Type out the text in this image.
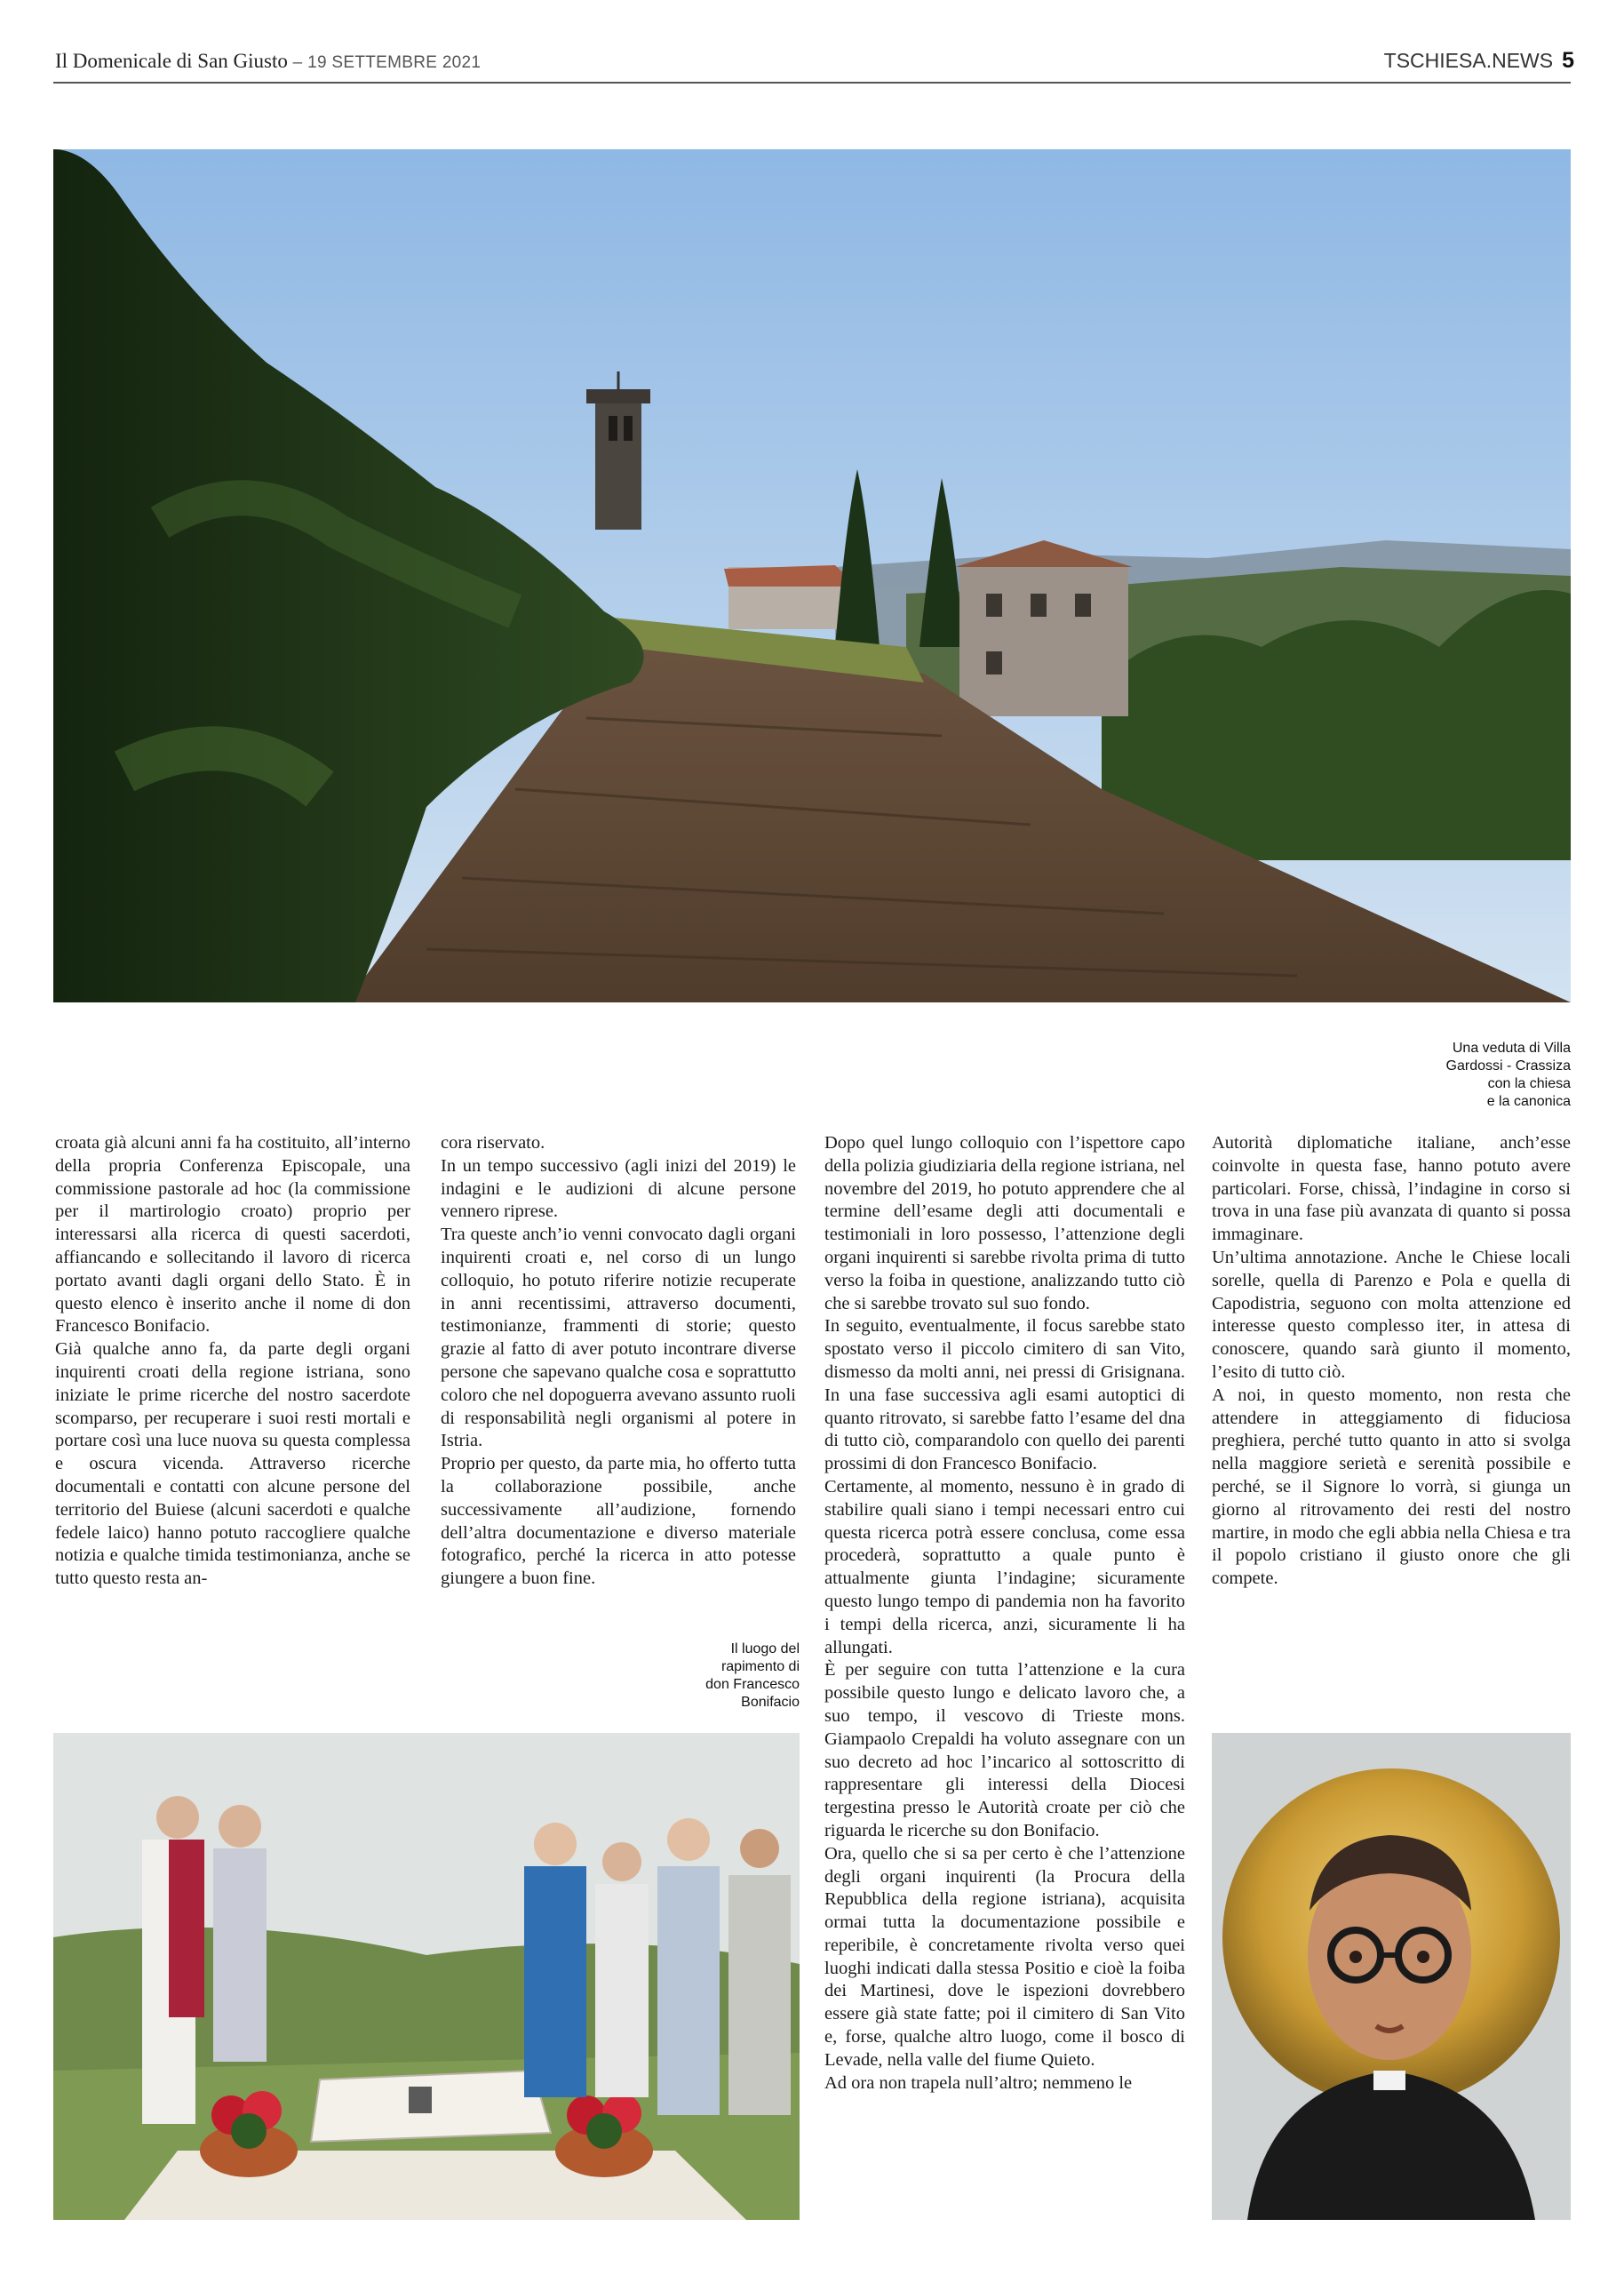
Il Domenicale di San Giusto – 19 SETTEMBRE 2021	TSCHIESA.NEWS 5
Una veduta di Villa
Gardossi - Crassiza
con la chiesa
e la canonica

croata già alcuni anni fa ha costituito, all’interno della propria Conferenza Episcopale, una commissione pastorale ad hoc (la commissione per il martirologio croato) proprio per interessarsi alla ricerca di questi sacerdoti, affiancando e sollecitando il lavoro di ricerca portato avanti dagli organi dello Stato. È in questo elenco è inserito anche il nome di don Francesco Bonifacio.

Già qualche anno fa, da parte degli organi inquirenti croati della regione istriana, sono iniziate le prime ricerche del nostro sacerdote scomparso, per recuperare i suoi resti mortali e portare così una luce nuova su questa complessa e oscura vicenda. Attraverso ricerche documentali e contatti con alcune persone del territorio del Buiese (alcuni sacerdoti e qualche fedele laico) hanno potuto raccogliere qualche notizia e qualche timida testimonianza, anche se tutto questo resta an-

cora riservato.

In un tempo successivo (agli inizi del 2019) le indagini e le audizioni di alcune persone vennero riprese.

Tra queste anch’io venni convocato dagli organi inquirenti croati e, nel corso di un lungo colloquio, ho potuto riferire notizie recuperate in anni recentissimi, attraverso documenti, testimonianze, frammenti di storie; questo grazie al fatto di aver potuto incontrare diverse persone che sapevano qualche cosa e soprattutto coloro che nel dopoguerra avevano assunto ruoli di responsabilità negli organismi al potere in Istria.

Proprio per questo, da parte mia, ho offerto tutta la collaborazione possibile, anche successivamente all’audizione, fornendo dell’altra documentazione e diverso materiale fotografico, perché la ricerca in atto potesse giungere a buon fine.

Dopo quel lungo colloquio con l’ispettore capo della polizia giudiziaria della regione istriana, nel novembre del 2019, ho potuto apprendere che al termine dell’esame degli atti documentali e testimoniali in loro possesso, l’attenzione degli organi inquirenti si sarebbe rivolta prima di tutto verso la foiba in questione, analizzando tutto ciò che si sarebbe trovato sul suo fondo.

In seguito, eventualmente, il focus sarebbe stato spostato verso il piccolo cimitero di san Vito, dismesso da molti anni, nei pressi di Grisignana. In una fase successiva agli esami autoptici di quanto ritrovato, si sarebbe fatto l’esame del dna di tutto ciò, comparandolo con quello dei parenti prossimi di don Francesco Bonifacio.

Certamente, al momento, nessuno è in grado di stabilire quali siano i tempi necessari entro cui questa ricerca potrà essere conclusa, come essa procederà, soprattutto a quale punto è attualmente giunta l’indagine; sicuramente questo lungo tempo di pandemia non ha favorito i tempi della ricerca, anzi, sicuramente li ha allungati.

È per seguire con tutta l’attenzione e la cura possibile questo lungo e delicato lavoro che, a suo tempo, il vescovo di Trieste mons. Giampaolo Crepaldi ha voluto assegnare con un suo decreto ad hoc l’incarico al sottoscritto di rappresentare gli interessi della Diocesi tergestina presso le Autorità croate per ciò che riguarda le ricerche su don Bonifacio.

Ora, quello che si sa per certo è che l’attenzione degli organi inquirenti (la Procura della Repubblica della regione istriana), acquisita ormai tutta la documentazione possibile e reperibile, è concretamente rivolta verso quei luoghi indicati dalla stessa Positio e cioè la foiba dei Martinesi, dove le ispezioni dovrebbero essere già state fatte; poi il cimitero di San Vito e, forse, qualche altro luogo, come il bosco di Levade, nella valle del fiume Quieto.

Ad ora non trapela null’altro; nemmeno le

Autorità diplomatiche italiane, anch’esse coinvolte in questa fase, hanno potuto avere particolari. Forse, chissà, l’indagine in corso si trova in una fase più avanzata di quanto si possa immaginare.

Un’ultima annotazione. Anche le Chiese locali sorelle, quella di Parenzo e Pola e quella di Capodistria, seguono con molta attenzione ed interesse questo complesso iter, in attesa di conoscere, quando sarà giunto il momento, l’esito di tutto ciò.

A noi, in questo momento, non resta che attendere in atteggiamento di fiduciosa preghiera, perché tutto quanto in atto si svolga nella maggiore serietà e serenità possibile e perché, se il Signore lo vorrà, si giunga un giorno al ritrovamento dei resti del nostro martire, in modo che egli abbia nella Chiesa e tra il popolo cristiano il giusto onore che gli compete.

Il luogo del
rapimento di
don Francesco
Bonifacio
